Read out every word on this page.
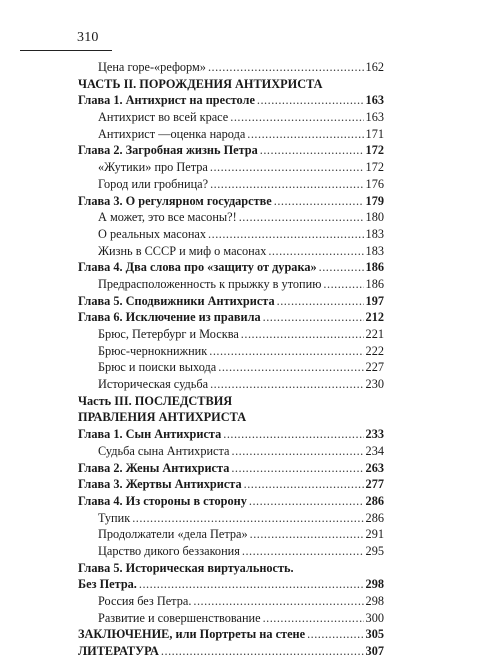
310
Цена горе-«реформ» .....	162
ЧАСТЬ II. ПОРОЖДЕНИЯ АНТИХРИСТА
Глава 1. Антихрист на престоле .....	163
Антихрист во всей красе .....	163
Антихрист —оценка народа .....	171
Глава 2. Загробная жизнь Петра .....	172
«Жутики» про Петра .....	172
Город или гробница? .....	176
Глава 3. О регулярном государстве .....	179
А может, это все масоны?! .....	180
О реальных масонах .....	183
Жизнь в СССР и миф о масонах .....	183
Глава 4. Два слова про «защиту от дурака» .....	186
Предрасположенность к прыжку в утопию .....	186
Глава 5. Сподвижники Антихриста .....	197
Глава 6. Исключение из правила .....	212
Брюс, Петербург и Москва .....	221
Брюс-чернокнижник .....	222
Брюс и поиски выхода .....	227
Историческая судьба .....	230
Часть III. ПОСЛЕДСТВИЯ
ПРАВЛЕНИЯ АНТИХРИСТА
Глава 1. Сын Антихриста .....	233
Судьба сына Антихриста .....	234
Глава 2. Жены Антихриста .....	263
Глава 3. Жертвы Антихриста .....	277
Глава 4. Из стороны в сторону .....	286
Тупик .....	286
Продолжатели «дела Петра» .....	291
Царство дикого беззакония .....	295
Глава 5. Историческая виртуальность.
Без Петра. .....	298
Россия без Петра. .....	298
Развитие и совершенствование .....	300
ЗАКЛЮЧЕНИЕ, или Портреты на стене .....	305
ЛИТЕРАТУРА .....	307
